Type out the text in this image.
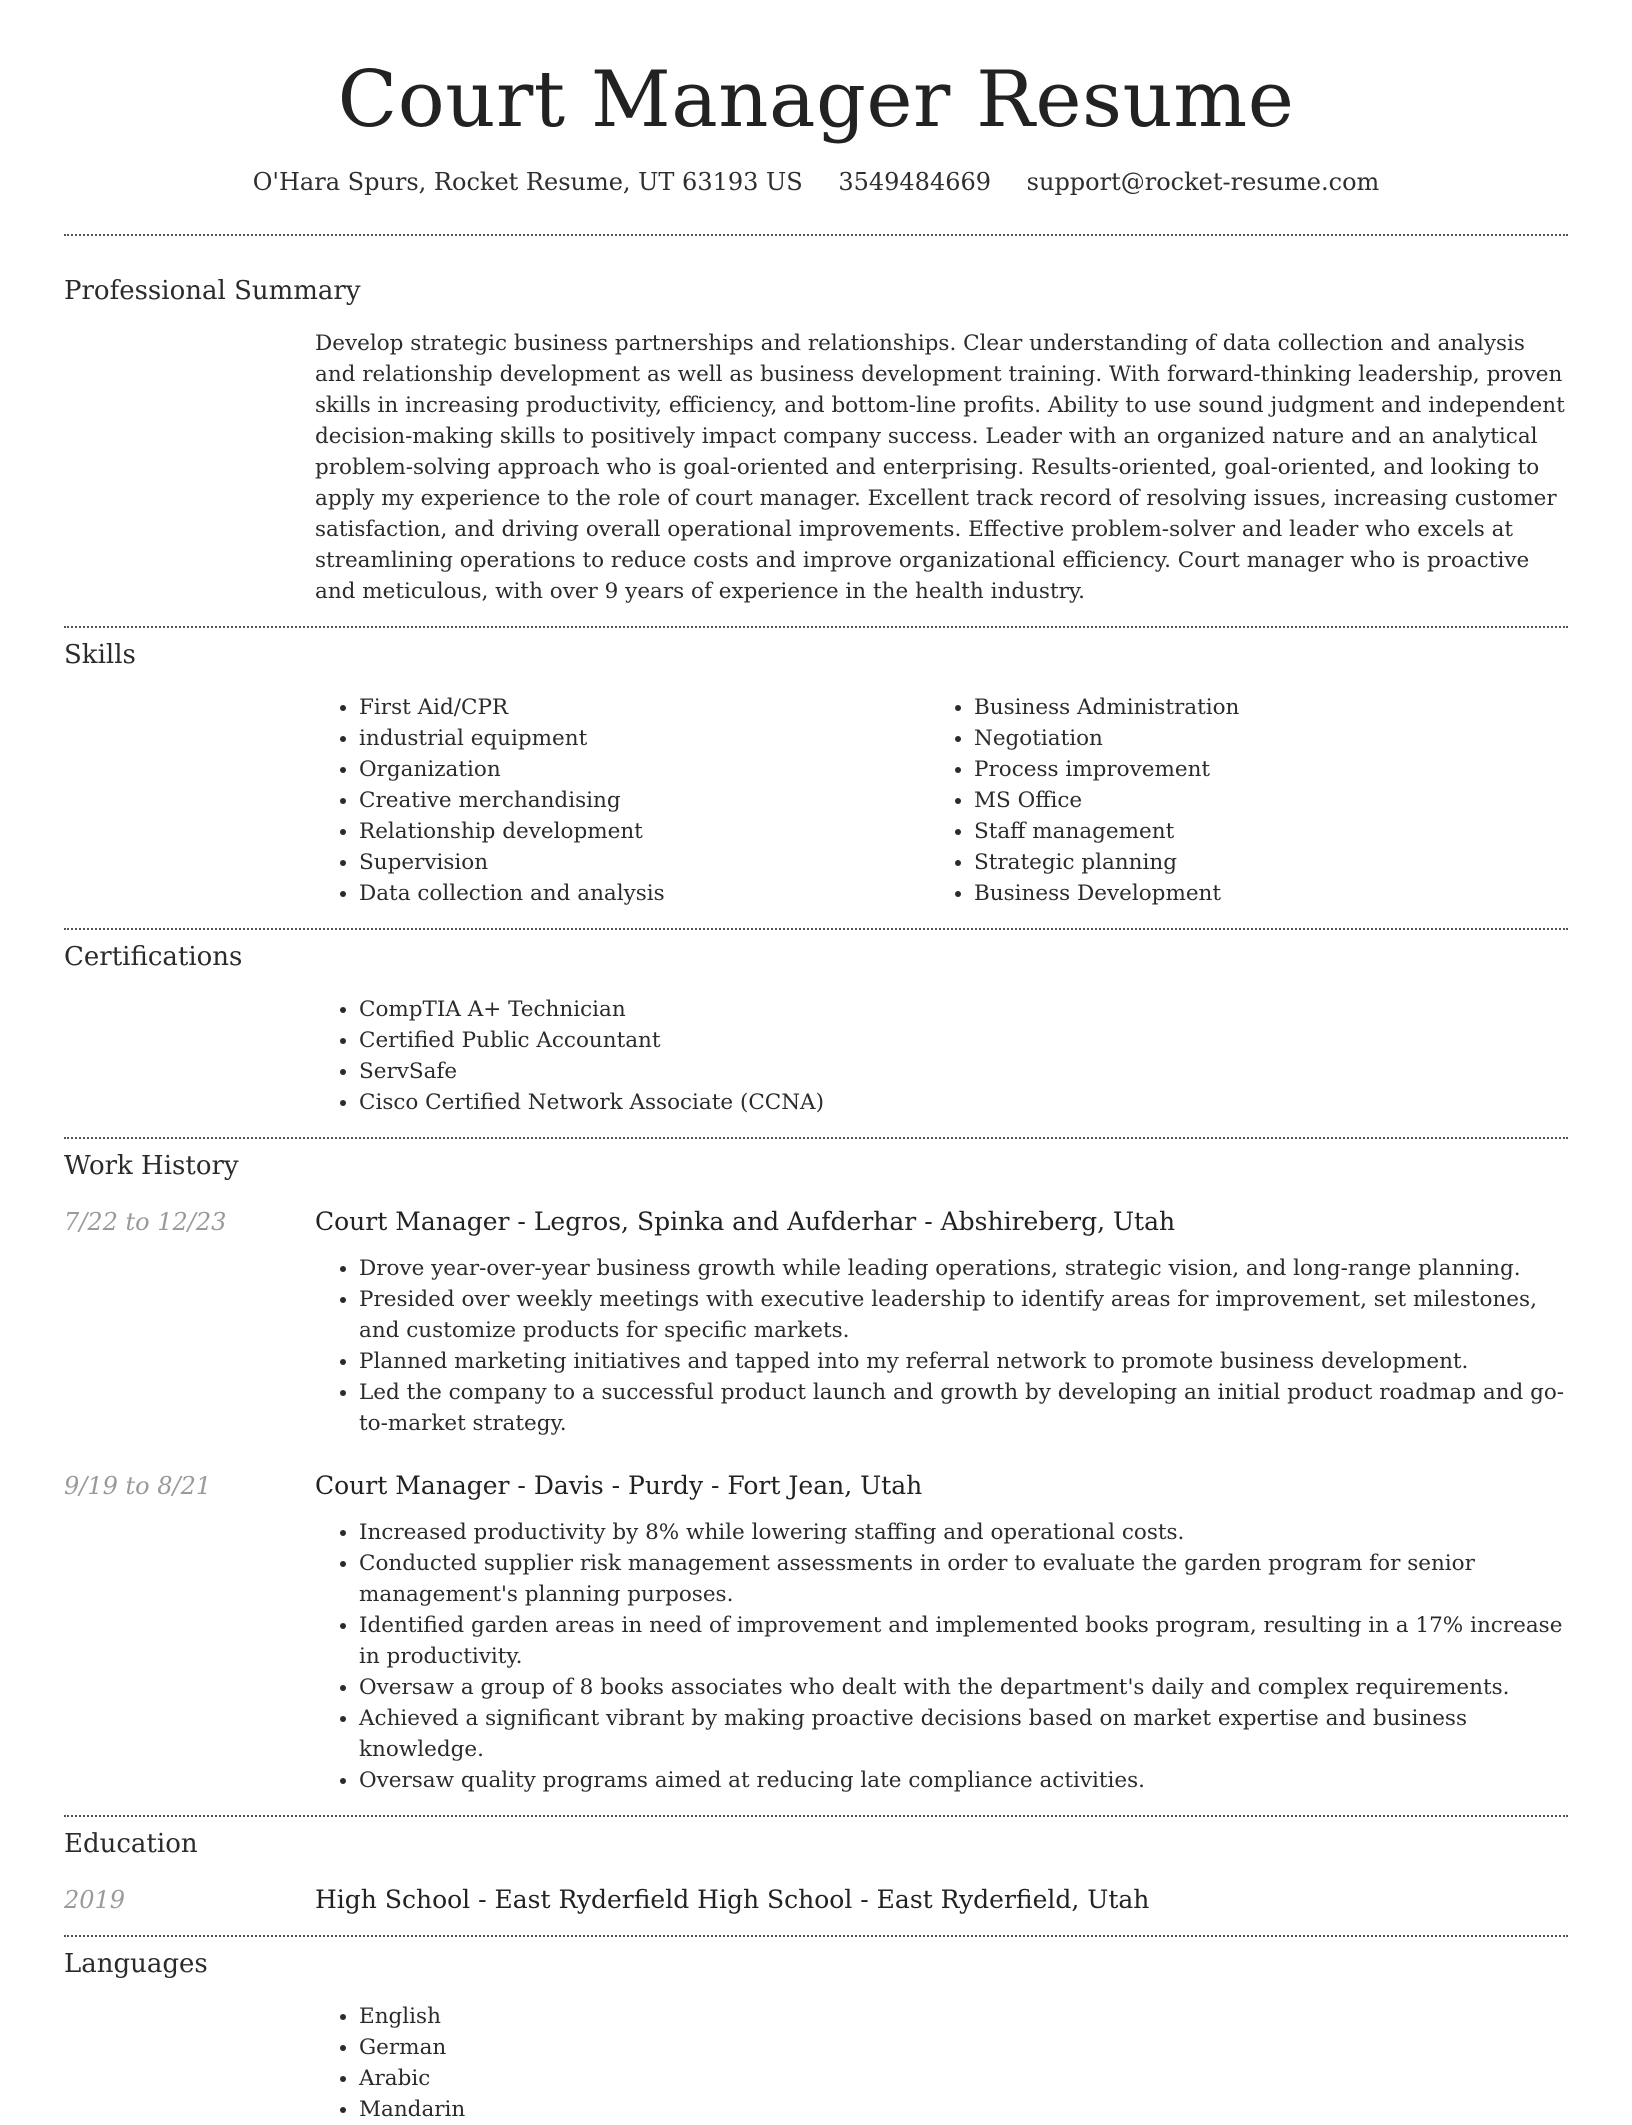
Court Manager Resume
O'Hara Spurs, Rocket Resume, UT 63193 US 3549484669 support@rocket-resume.com
Professional Summary

Develop strategic business partnerships and relationships. Clear understanding of data collection and analysis and relationship development as well as business development training. With forward-thinking leadership, proven skills in increasing productivity, efficiency, and bottom-line profits. Ability to use sound judgment and independent decision-making skills to positively impact company success. Leader with an organized nature and an analytical problem-solving approach who is goal-oriented and enterprising. Results-oriented, goal-oriented, and looking to apply my experience to the role of court manager. Excellent track record of resolving issues, increasing customer satisfaction, and driving overall operational improvements. Effective problem-solver and leader who excels at streamlining operations to reduce costs and improve organizational efficiency. Court manager who is proactive and meticulous, with over 9 years of experience in the health industry.

Skills
• First Aid/CPR
• industrial equipment
• Organization
• Creative merchandising
• Relationship development
• Supervision
• Data collection and analysis
• Business Administration
• Negotiation
• Process improvement
• MS Office
• Staff management
• Strategic planning
• Business Development
Certifications
• CompTIA A+ Technician
• Certified Public Accountant
• ServSafe
• Cisco Certified Network Associate (CCNA)
Work History
7/22 to 12/23	Court Manager - Legros, Spinka and Aufderhar - Abshireberg, Utah
• Drove year-over-year business growth while leading operations, strategic vision, and long-range planning.
• Presided over weekly meetings with executive leadership to identify areas for improvement, set milestones, and customize products for specific markets.
• Planned marketing initiatives and tapped into my referral network to promote business development.
• Led the company to a successful product launch and growth by developing an initial product roadmap and go-to-market strategy.
9/19 to 8/21	Court Manager - Davis - Purdy - Fort Jean, Utah
• Increased productivity by 8% while lowering staffing and operational costs.
• Conducted supplier risk management assessments in order to evaluate the garden program for senior management's planning purposes.
• Identified garden areas in need of improvement and implemented books program, resulting in a 17% increase in productivity.
• Oversaw a group of 8 books associates who dealt with the department's daily and complex requirements.
• Achieved a significant vibrant by making proactive decisions based on market expertise and business knowledge.
• Oversaw quality programs aimed at reducing late compliance activities.
Education
2019	High School - East Ryderfield High School - East Ryderfield, Utah
Languages
• English
• German
• Arabic
• Mandarin
